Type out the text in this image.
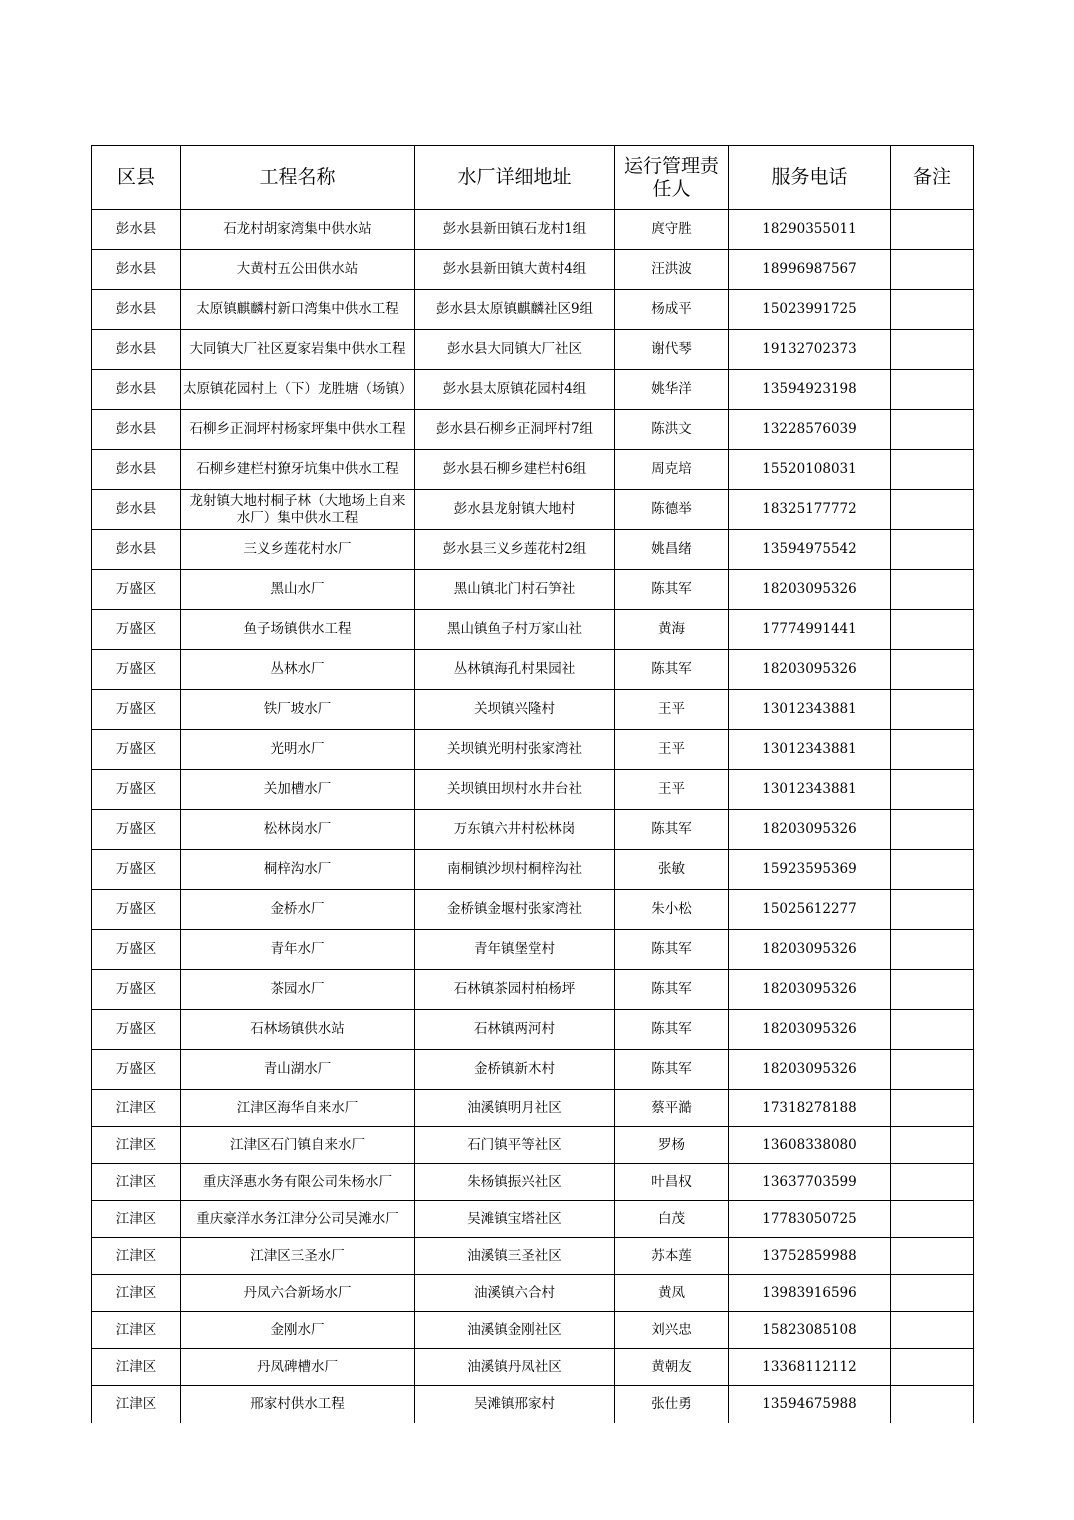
区县	工程名称	水厂详细地址	运行管理责任人	服务电话	备注
彭水县	石龙村胡家湾集中供水站	彭水县新田镇石龙村1组	庹守胜	18290355011	
彭水县	大黄村五公田供水站	彭水县新田镇大黄村4组	汪洪波	18996987567	
彭水县	太原镇麒麟村新口湾集中供水工程	彭水县太原镇麒麟社区9组	杨成平	15023991725	
彭水县	大同镇大厂社区夏家岩集中供水工程	彭水县大同镇大厂社区	谢代琴	19132702373	
彭水县	太原镇花园村上（下）龙胜塘（场镇）	彭水县太原镇花园村4组	姚华洋	13594923198	
彭水县	石柳乡正洞坪村杨家坪集中供水工程	彭水县石柳乡正洞坪村7组	陈洪文	13228576039	
彭水县	石柳乡建栏村獠牙坑集中供水工程	彭水县石柳乡建栏村6组	周克培	15520108031	
彭水县	龙射镇大地村桐子林（大地场上自来水厂）集中供水工程	彭水县龙射镇大地村	陈德举	18325177772	
彭水县	三义乡莲花村水厂	彭水县三义乡莲花村2组	姚昌绪	13594975542	
万盛区	黑山水厂	黑山镇北门村石笋社	陈其军	18203095326	
万盛区	鱼子场镇供水工程	黑山镇鱼子村万家山社	黄海	17774991441	
万盛区	丛林水厂	丛林镇海孔村果园社	陈其军	18203095326	
万盛区	铁厂坡水厂	关坝镇兴隆村	王平	13012343881	
万盛区	光明水厂	关坝镇光明村张家湾社	王平	13012343881	
万盛区	关加槽水厂	关坝镇田坝村水井台社	王平	13012343881	
万盛区	松林岗水厂	万东镇六井村松林岗	陈其军	18203095326	
万盛区	桐梓沟水厂	南桐镇沙坝村桐梓沟社	张敏	15923595369	
万盛区	金桥水厂	金桥镇金堰村张家湾社	朱小松	15025612277	
万盛区	青年水厂	青年镇堡堂村	陈其军	18203095326	
万盛区	茶园水厂	石林镇茶园村柏杨坪	陈其军	18203095326	
万盛区	石林场镇供水站	石林镇两河村	陈其军	18203095326	
万盛区	青山湖水厂	金桥镇新木村	陈其军	18203095326	
江津区	江津区海华自来水厂	油溪镇明月社区	蔡平澔	17318278188	
江津区	江津区石门镇自来水厂	石门镇平等社区	罗杨	13608338080	
江津区	重庆泽惠水务有限公司朱杨水厂	朱杨镇振兴社区	叶昌权	13637703599	
江津区	重庆豪洋水务江津分公司吴滩水厂	吴滩镇宝塔社区	白茂	17783050725	
江津区	江津区三圣水厂	油溪镇三圣社区	苏本莲	13752859988	
江津区	丹凤六合新场水厂	油溪镇六合村	黄凤	13983916596	
江津区	金刚水厂	油溪镇金刚社区	刘兴忠	15823085108	
江津区	丹凤碑槽水厂	油溪镇丹凤社区	黄朝友	13368112112	
江津区	邢家村供水工程	吴滩镇邢家村	张仕勇	13594675988	
